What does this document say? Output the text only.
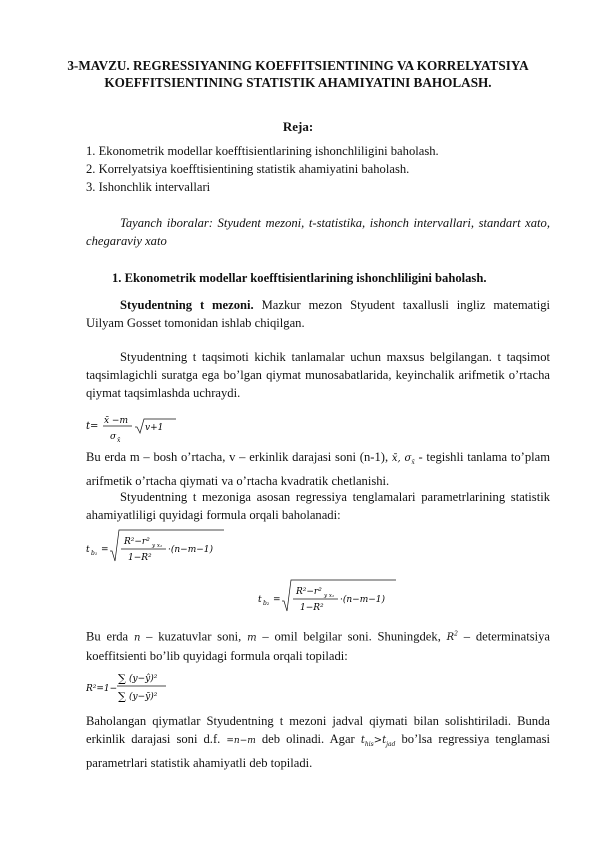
3-MAVZU. REGRESSIYANING KOEFFITSIENTINING VA KORRELYATSIYA KOEFFITSIENTINING STATISTIK AHAMIYATINI BAHOLASH.
Reja:
1. Ekonometrik modellar koefftisientlarining ishonchliligini baholash.
2. Korrelyatsiya koefftisientining statistik ahamiyatini baholash.
3. Ishonchlik intervallari
Tayanch iboralar: Styudent mezoni, t-statistika, ishonch intervallari, standart xato, chegaraviy xato
1. Ekonometrik modellar koefftisientlarining ishonchliligini baholash.
Styudentning t mezoni. Mazkur mezon Styudent taxallusli ingliz matematigi Uilyam Gosset tomonidan ishlab chiqilgan.
Styudentning t taqsimoti kichik tanlamalar uchun maxsus belgilangan. t taqsimot taqsimlagichli suratga ega bo’lgan qiymat munosabatlarida, keyinchalik arifmetik o’rtacha qiymat taqsimlashda uchraydi.
t= x̄ −m
σ x̄
v+1
Bu erda m – bosh o’rtacha, v – erkinlik darajasi soni (n-1), x̄, $\sigma_{x̄}$ - tegishli tanlama to’plam arifmetik o’rtacha qiymati va o’rtacha kvadratik chetlanishi.
Styudentning t mezoniga asosan regressiya tenglamalari parametrlarining statistik ahamiyatliligi quyidagi formula orqali baholanadi:
t b₁ =
R²−r² y x₁
1−R²
·(n−m−1)
t b₂ =
R²−r² y x₁
1−R²
·(n−m−1)
Bu erda n – kuzatuvlar soni, m – omil belgilar soni. Shuningdek, $R^2$ – determinatsiya koeffitsienti bo’lib quyidagi formula orqali topiladi:
R²=1−
∑ (y−ŷ)²
∑ (y−ȳ)²
Baholangan qiymatlar Styudentning t mezoni jadval qiymati bilan solishtiriladi. Bunda erkinlik darajasi soni d.f. =n−m deb olinadi. Agar $t_{his}>t_{jad}$ bo’lsa regressiya tenglamasi parametrlari statistik ahamiyatli deb topiladi.
